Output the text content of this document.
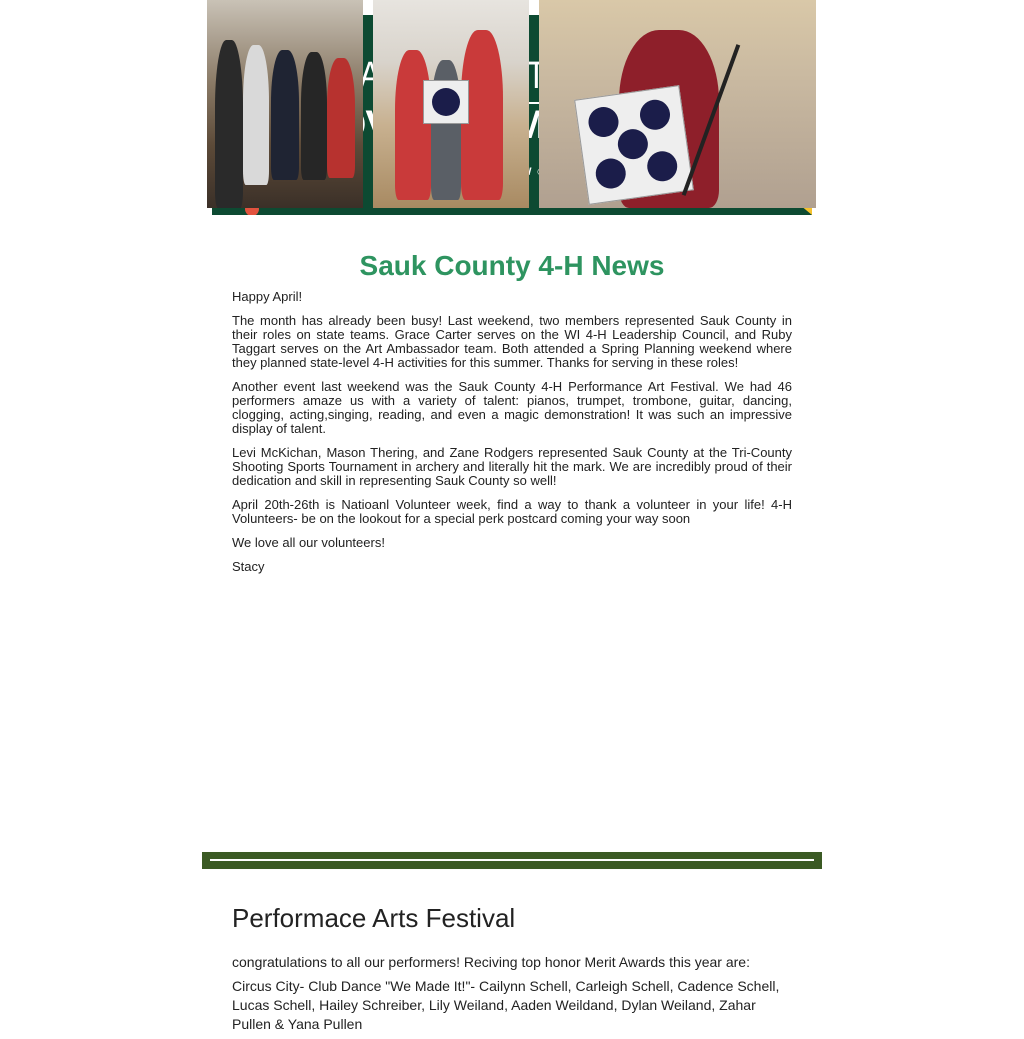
CLOVER
Sauk County 4-H News

Happy April!

The month has already been busy! Last weekend, two members represented Sauk County in their roles on state teams. Grace Carter serves on the WI 4-H Leadership Council, and Ruby Taggart serves on the Art Ambassador team. Both attended a Spring Planning weekend where they planned state-level 4-H activities for this summer. Thanks for serving in these roles!

Another event last weekend was the Sauk County 4-H Performance Art Festival. We had 46 performers amaze us with a variety of talent: pianos, trumpet, trombone, guitar, dancing, clogging, acting,singing, reading, and even a magic demonstration! It was such an impressive display of talent.

Levi McKichan, Mason Thering, and Zane Rodgers represented Sauk County at the Tri-County Shooting Sports Tournament in archery and literally hit the mark. We are incredibly proud of their dedication and skill in representing Sauk County so well!

April 20th-26th is Natioanl Volunteer week, find a way to thank a volunteer in your life! 4-H Volunteers- be on the lookout for a special perk postcard coming your way soon

We love all our volunteers!

Stacy

Performace Arts Festival

congratulations to all our performers! Reciving top honor Merit Awards this year are:

Circus City- Club Dance "We Made It!"- Cailynn Schell, Carleigh Schell, Cadence Schell, Lucas Schell, Hailey Schreiber, Lily Weiland, Aaden Weildand, Dylan Weiland, Zahar Pullen & Yana Pullen
